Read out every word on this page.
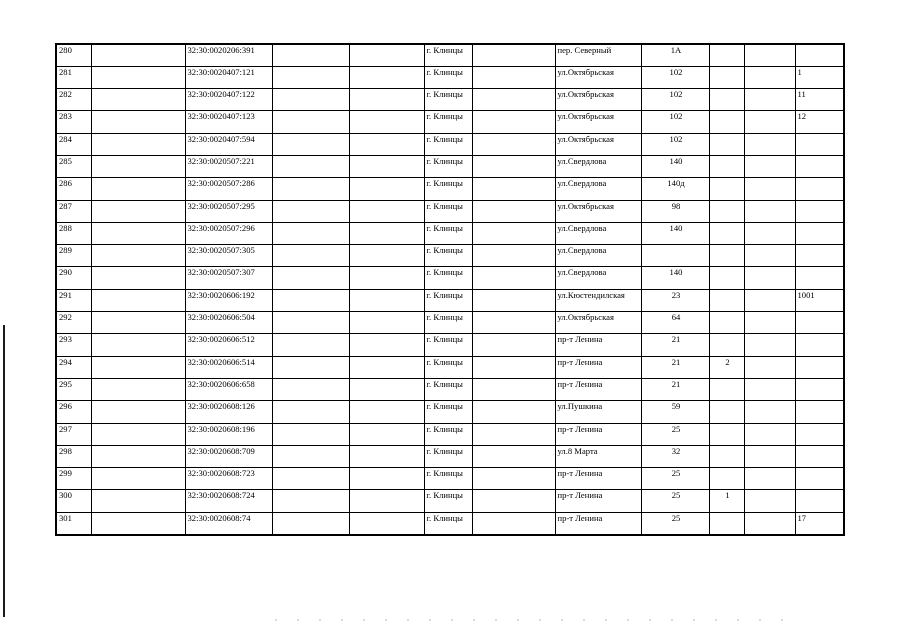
280		32:30:0020206:391			г. Клинцы		пер. Северный	1А			
281		32:30:0020407:121			г. Клинцы		ул.Октябрьская	102			1
282		32:30:0020407:122			г. Клинцы		ул.Октябрьская	102			11
283		32:30:0020407:123			г. Клинцы		ул.Октябрьская	102			12
284		32:30:0020407:594			г. Клинцы		ул.Октябрьская	102			
285		32:30:0020507:221			г. Клинцы		ул.Свердлова	140			
286		32:30:0020507:286			г. Клинцы		ул.Свердлова	140д			
287		32:30:0020507:295			г. Клинцы		ул.Октябрьская	98			
288		32:30:0020507:296			г. Клинцы		ул.Свердлова	140			
289		32:30:0020507:305			г. Клинцы		ул.Свердлова				
290		32:30:0020507:307			г. Клинцы		ул.Свердлова	140			
291		32:30:0020606:192			г. Клинцы		ул.Кюстендилская	23			1001
292		32:30:0020606:504			г. Клинцы		ул.Октябрьская	64			
293		32:30:0020606:512			г. Клинцы		пр-т Ленина	21			
294		32:30:0020606:514			г. Клинцы		пр-т Ленина	21	2		
295		32:30:0020606:658			г. Клинцы		пр-т Ленина	21			
296		32:30:0020608:126			г. Клинцы		ул.Пушкина	59			
297		32:30:0020608:196			г. Клинцы		пр-т Ленина	25			
298		32:30:0020608:709			г. Клинцы		ул.8 Марта	32			
299		32:30:0020608:723			г. Клинцы		пр-т Ленина	25			
300		32:30:0020608:724			г. Клинцы		пр-т Ленина	25	1		
301		32:30:0020608:74			г. Клинцы		пр-т Ленина	25			17
